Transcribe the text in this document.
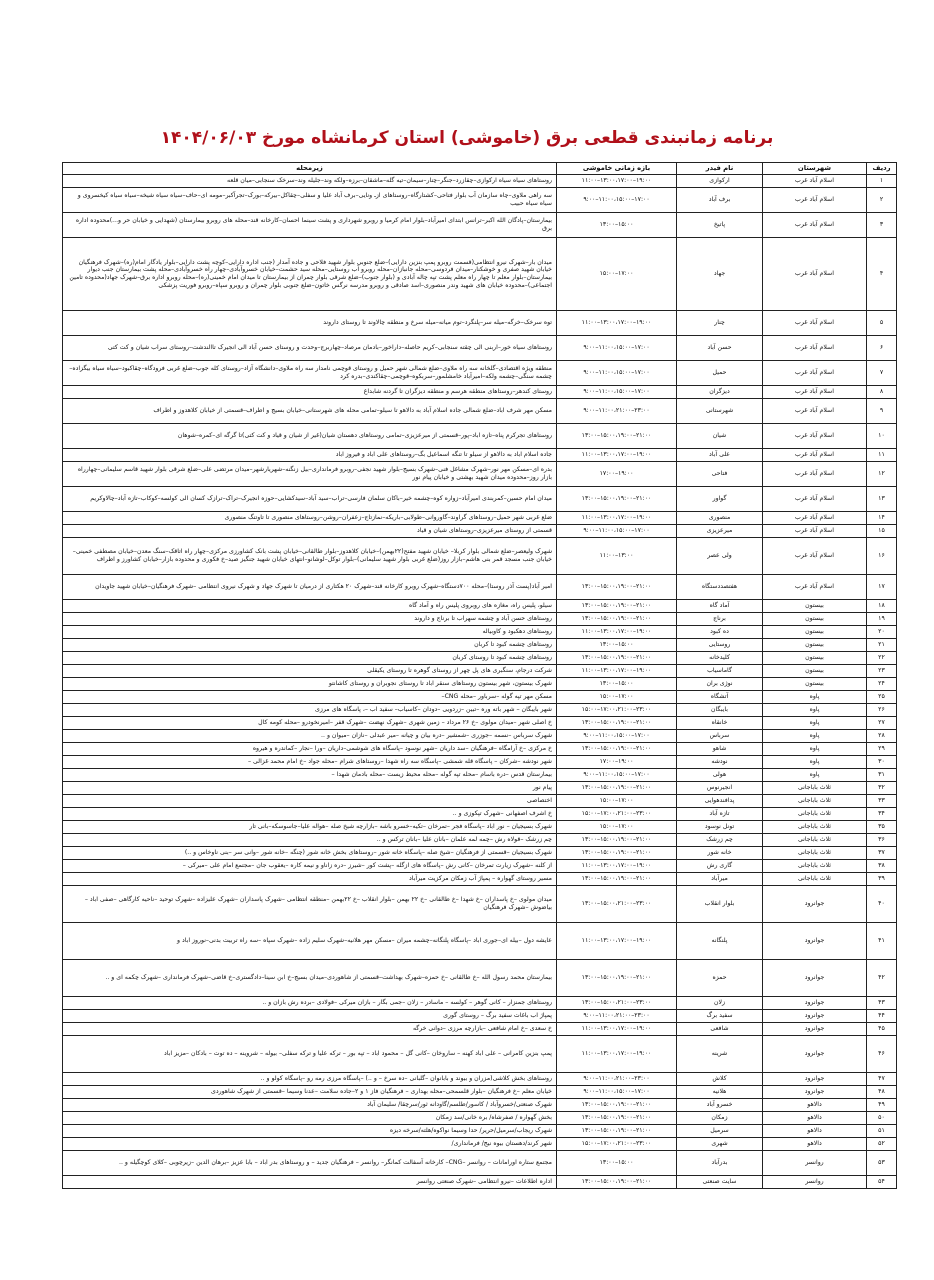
برنامه زمانبندی قطعی برق (خاموشی) استان کرمانشاه مورخ ۱۴۰۴/۰۶/۰۳
ردیف	شهرستان	نام فیدر	بازه زمانی خاموشی	زیرمحله
۱	اسلام آباد غرب	ارکوازی	۱۱:۰۰–۱۳:۰۰،۱۷:۰۰–۱۹:۰۰	روستاهای سیاه سیاه ارکوازی–چقازرد–جنگر–چنار–سیمان–تیه گله–ماشقان–برزه–ولکه وند–جلیله وند–سرخک سنجابی–میان قلعه
۲	اسلام آباد غرب	برف آباد	۹:۰۰–۱۱:۰۰،۱۵:۰۰–۱۷:۰۰	سه راهی ملاوی–چاه سازمان آب بلوار فتاحی–کشتارگاه–روستاهای ازـ ونایی–برف آباد علیا و سفلی–چقاکل–بیرکه–بورک–تجرآکبر–مومه ای–حاف–سیاه سیاه شیخه–سیاه سیاه کیخسروی و سیاه سیاه حبیب
۳	اسلام آباد غرب	پاتیخ	۱۳:۰۰–۱۵:۰۰	بیمارستان–پادگان الله اکبر–ترانس ابتدای امیرآباد–بلوار امام کرمیا و روبرو شهرداری و پشت سینما احسان–کارخانه قند–محله های روبرو بیمارستان (شهدایی و خیابان حر و...)محدوده اداره برق
۴	اسلام آباد غرب	جهاد	۱۵:۰۰–۱۷:۰۰	میدان بار–شهرک نیرو انتظامی(قسمت روبرو پمپ بنزین دارایی)–ضلع جنوبی بلوار شهید فلاحی و جاده آمدار (جنب اداره دارایی–کوچه پشت دارایی–بلوار یادگار امام(ره)–شهرک فرهنگیان خیابان شهید صفری و خوشکنار–میدان فردوسی–محله جانبازان–محله روبرو آب روستایی–محله سید حشمت–خیابان خسروآبادی–چهار راه خسروآبادی–محله پشت بیمارستان جنب دیوار بیمارستان–بلوار معلم تا چهار راه معلم پشت تپه چاله آبادی و (بلوار جنوب)–ضلع شرقی بلوار چمران از بیمارستان تا میدان امام خمینی(ره)–محله روبرو اداره برق–شهرک جهاد(محدوده تامین اجتماعی)–محدوده خیابان های شهید وندر منصوری–اسد صادقی و روبرو مدرسه نرگس خاتون–ضلع جنوبی بلوار چمران و روبرو سپاه–روبرو فوریت پزشکی
۵	اسلام آباد غرب	چنار	۱۱:۰۰–۱۳:۰۰،۱۷:۰۰–۱۹:۰۰	توه سرخک–خرگه–میله سر–پلنگرد–توم میانه–میله سرخ و منطقه چالاوند تا روستای داروند
۶	اسلام آباد غرب	حسن آباد	۹:۰۰–۱۱:۰۰،۱۵:۰۰–۱۷:۰۰	روستاهای سیاه خور–اربنی الی چقته سنجابی–کریم حاصله–داراخور–بادمان مرصاد–چهاربرج–وحدت و روستای حسن آباد الی انجیرک تاالندشت–روستای سراب شیان و کت کتی
۷	اسلام آباد غرب	حمیل	۹:۰۰–۱۱:۰۰،۱۵:۰۰–۱۷:۰۰	منطقه ویژه اقتصادی–گلخانه سه راه ملاوی–ضلع شمالی شهر حمیل و روستای قوچمی نامدار سه راه ملاوی–دانشگاه آزاد–روستای کله جوب–ضلع غربی فرودگاه–چقاکبود–سیاه سیاه بیگزاده–چشمه سنگی–چشمه ولکه–امیرآباد خامشلمور–سربکوه–قوچمی–چقاکندی–بدره کرد
۸	اسلام آباد غرب	دیزگران	۹:۰۰–۱۱:۰۰،۱۵:۰۰–۱۷:۰۰	روستای کندهر–روستاهای منطقه هرسم و منطقه دیزگران تا گردنه شابداغ
۹	اسلام آباد غرب	شهرستانی	۹:۰۰–۱۱:۰۰،۲۱:۰۰–۲۳:۰۰	مسکن مهر شرف اباد–ضلع شمالی جاده اسلام آباد به دالاهو تا سیلو–تمامی محله های شهرستانی–خیابان بسیج و اطراف–قسمتی از خیابان کلاهدوز و اطراف
۱۰	اسلام آباد غرب	شیان	۱۳:۰۰–۱۵:۰۰،۱۹:۰۰–۲۱:۰۰	روستاهای تجرکرم پناه–تازه اباد–پور–قسمتی از میرعزیزی–تمامی روستاهای دهستان شیان(غیر از شیان و قیاد و کت کتی)تا گرگه ای–کمره–شوهان
۱۱	اسلام آباد غرب	علی آباد	۱۱:۰۰–۱۳:۰۰،۱۷:۰۰–۱۹:۰۰	جاده اسلام اباد به دالاهو از سیلو تا تنگه اسماعیل بگ–روستاهای علی اباد و فیروز اباد
۱۲	اسلام آباد غرب	فتاحی	۱۷:۰۰–۱۹:۰۰	بدره ای–مسکن مهر نور–شهرک مشاغل فنی–شهرک بسیج–بلوار شهید نجفی–روبرو فرمانداری–بیل زنگنه–شهریارشهر–میدان مرتضی علی–ضلع شرقی بلوار شهید قاسم سلیمانی–چهارراه بازار روز–محدوده میدان شهید بهشتی و خیابان پیام نور
۱۳	اسلام آباد غرب	گواور	۱۳:۰۰–۱۵:۰۰،۱۹:۰۰–۲۱:۰۰	میدان امام حسین–کمربندی امیرآباد–زواره کوه–چشمه خیر–باکان سلمان فارسی–تراب–سید آباد–سیدکشایی–حوزه انجیرک–تراک–ترازک کسان الی کولسه–کوکاب–تازه آباد–چالاوکریم
۱۴	اسلام آباد غرب	منصوری	۱۱:۰۰–۱۳:۰۰،۱۷:۰۰–۱۹:۰۰	ضلع غربی شهر حمیل–روستاهای گراوند–گاوروانی–طولابی–باریکه–نمازتاج–زعفران–روشن–روستاهای منصوری تا تاوتنگ منصوری
۱۵	اسلام آباد غرب	میرعزیزی	۹:۰۰–۱۱:۰۰،۱۵:۰۰–۱۷:۰۰	قسمتی از روستای میرعزیزی–روستاهای شیان و قیاد
۱۶	اسلام آباد غرب	ولی عصر	۱۱:۰۰–۱۳:۰۰	شهرک ولیعصر–ضلع شمالی بلوار کربلا– خیابان شهید مفتح(۲۲بهمن)–خیابان کلاهدوز–بلوار طالقانی–خیابان پشت بانک کشاورزی مرکزی–چهار راه اتاقک–سنگ معدن–خیابان مصطفی خمینی–خیابان جنب مسجد قمر بنی هاشم–بازار روز(ضلع غربی بلوار شهید سلیمانی)–بلوار توکل–لوشانو–انتهای خیابان شهید جنگیز صید–خ فکوری و محدوده بازار–خیابان کشاورز و اطراف
۱۷	اسلام آباد غرب	هفتصددستگاه	۱۳:۰۰–۱۵:۰۰،۱۹:۰۰–۲۱:۰۰	امیر آباد(پست آذر روستا)–محله ۷۰۰دستگاه–شهرک روبرو کارخانه قند–شهرک ۲۰ هکتاری از درمیان تا شهرک جهاد و شهرک نیروی انتظامی –شهرک فرهنگیان–خیابان شهید جاویدان
۱۸	بیستون	آماد گاه	۱۳:۰۰–۱۵:۰۰،۱۹:۰۰–۲۱:۰۰	سیلو، پلیس راه، مغازه های روبروی پلیس راه و آماد گاه
۱۹	بیستون	برناج	۱۳:۰۰–۱۵:۰۰،۱۹:۰۰–۲۱:۰۰	روستاهای حسن آباد و چشمه سهراب تا برناج و داروند
۲۰	بیستون	ده کبود	۱۱:۰۰–۱۳:۰۰،۱۷:۰۰–۱۹:۰۰	روستاهای دهکبود و کاوبیاله
۲۱	بیستون	روستایی	۱۳:۰۰–۱۵:۰۰	روستاهای چشمه کبود تا کربان
۲۲	بیستون	کلیدخانه	۱۳:۰۰–۱۵:۰۰،۱۹:۰۰–۲۱:۰۰	روستاهای چشمه کبود تا روستای کربان
۲۳	بیستون	گاماسیاب	۱۱:۰۰–۱۳:۰۰،۱۷:۰۰–۱۹:۰۰	شرکت درجام، سنگبری های پل چهر از روستای گوهره تا روستای یکیقلی
۲۴	بیستون	نوژی بران	۱۳:۰۰–۱۵:۰۰	شهرک بیستون، شهر بیستون روستاهای سنقر اباد تا روستای نجوبران و روستای کاشانتو
۲۵	پاوه	آتشگاه	۱۵:۰۰–۱۷:۰۰	مسکن مهر تپه گوله –سرباور –محله CNG–
۲۶	پاوه	بایبگان	۱۵:۰۰–۱۷:۰۰،۲۱:۰۰–۲۳:۰۰	شهر بایبگان – شهر باته وره –تبین –زردویی –دودان –کاسیاب– سفید اب –، پاسگاه های مرزی
۲۷	پاوه	خانقاه	۱۳:۰۰–۱۵:۰۰،۱۹:۰۰–۲۱:۰۰	خ اصلی شهر –میدان مولوی –خ ۲۶ مرداد – زمین شهری –شهرک نهضت –شهرک قفر –امیرنخودرو –محله کومه کال
۲۸	پاوه	سرباس	۹:۰۰–۱۱:۰۰،۱۵:۰۰–۱۷:۰۰	شهرک سرباس –نسمه –جوزری –شمشیر –دره بیان و چیانه –میر عبدلی –نازان –میوان و ..
۲۹	پاوه	شاهو	۱۳:۰۰–۱۵:۰۰،۱۹:۰۰–۲۱:۰۰	خ مرکزی –خ آرامگاه –فرهنگیان –سد داریان –شهر نوسود –پاسگاه های شوشمی–داریان –ورا –نجار –کماندره و هیروه
۳۰	پاوه	نودشه	۱۷:۰۰–۱۹:۰۰	شهر نودشه –شرکان – پاسگاه قله شمشی –پاسگاه سه راه شهدا –روستاهای شرام –محله جواد –خ امام محمد غزالی –
۳۱	پاوه	هولی	۹:۰۰–۱۱:۰۰،۱۵:۰۰–۱۷:۰۰	بیمارستان قدس –دره باسام –محله تپه گوله –محله محیط زیست –محله بادمان شهدا –
۳۲	ثلاث باباجانی	انجیرنوس	۱۳:۰۰–۱۵:۰۰،۱۹:۰۰–۲۱:۰۰	پیام نور
۳۳	ثلاث باباجانی	پدافندهوایی	۱۵:۰۰–۱۷:۰۰	اختصاصی
۳۴	ثلاث باباجانی	تازه آباد	۱۵:۰۰–۱۷:۰۰،۲۱:۰۰–۲۳:۰۰	خ اشرف اصفهانی –شهرک تپکوزی و ..
۳۵	ثلاث باباجانی	تونل نوسود	۱۵:۰۰–۱۷:۰۰	شهرک بسیجیان – نور اباد –پاسگاه فجر –تمرخان –تکیه–خسرو باشه –بازارچه شیخ صله –هواله علیا–جاسوسکه–بانی تار
۳۶	ثلاث باباجانی	چم زرشک	۱۳:۰۰–۱۵:۰۰،۱۹:۰۰–۲۱:۰۰	چم زرشک –قولاه رش –چمه لمه علمان –بانان علیا –بانان ترکس و ..
۳۷	ثلاث باباجانی	خانه شور	۱۳:۰۰–۱۵:۰۰،۱۹:۰۰–۲۱:۰۰	شهرک بسیجیان –قسمتی از فرهنگیان –شیخ صله –پاسگاه خانه شور –روستاهای بخش خانه شور (چنگه –خانه شور –وانی سر –بنی ناوخاس و ..)
۳۸	ثلاث باباجانی	گاری رش	۱۱:۰۰–۱۳:۰۰،۱۷:۰۰–۱۹:۰۰	از کلنه –شهرک زیارت تمرخان –کانی رش –پاسگاه های ازگله –پشت کور –شیرز –دره زاناو و نیمه کاره –یعقوب جان –مجتمع امام علی –میرکی –
۳۹	ثلاث باباجانی	میرآباد	۱۳:۰۰–۱۵:۰۰،۱۹:۰۰–۲۱:۰۰	مسیر روستای گهواره – پمپاژ آب زمکان مرکزیت میرآباد
۴۰	جوانرود	بلوار انقلاب	۱۳:۰۰–۱۵:۰۰،۲۱:۰۰–۲۳:۰۰	میدان مولوی –خ پاسداران –خ شهدا –خ طالقانی –خ ۲۲ بهمن –بلوار انقلاب –خ ۲۲بهمن –منطقه انتظامی –شهرک پاسداران –شهرک علیزاده –شهرک توحید –ناحیه کارگاهی –صفی اباد –بیاضوش –شهرک فرهنگیان
۴۱	جوانرود	پلنگانه	۱۱:۰۰–۱۳:۰۰،۱۷:۰۰–۱۹:۰۰	عایشه دول –بیله ای–جوری اباد –پاسگاه پلنگانه–چشمه میران –مسکن مهر هلانیه–شهرک سلیم زاده –شهرک سپاه –سه راه تربیت بدنی–نوروز اباد و
۴۲	جوانرود	حمزه	۱۳:۰۰–۱۵:۰۰،۱۹:۰۰–۲۱:۰۰	بیمارستان محمد رسول الله –خ طالقانی –خ حمزه–شهرک بهداشت–قسمتی از شاهوردی–میدان بسیج–خ ابن سینا–دادگستری–خ قاضی–شهرک فرمانداری –شهرک چکمه ای و ..
۴۳	جوانرود	زلان	۱۳:۰۰–۱۵:۰۰،۲۱:۰۰–۲۳:۰۰	روستاهای جمنزار – کانی گوهر – کولسه – ماسادر – زلان –جمی بگار – بازان میرکی –فولادی –برده رش بازان و ..
۴۴	جوانرود	سفید برگ	۹:۰۰–۱۱:۰۰،۲۱:۰۰–۲۳:۰۰	پمپاژ اب باغات سفید برگ – روستای گوری
۴۵	جوانرود	شافعی	۱۱:۰۰–۱۳:۰۰،۱۷:۰۰–۱۹:۰۰	خ سعدی –خ امام شافعی –بازارچه مرزی –دوانی خرگه
۴۶	جوانرود	شرینه	۱۱:۰۰–۱۳:۰۰،۱۷:۰۰–۱۹:۰۰	پمپ بنزین کامرانی – علی اباد کهنه – ساروخان –کانی گل – محمود اباد – تپه بور – ترکه علیا و ترکه سفلی– بیوله – شروینه – ده توت – بادکان –مزیز اباد
۴۷	جوانرود	کلاش	۹:۰۰–۱۱:۰۰،۲۱:۰۰–۲۳:۰۰	روستاهای بخش کلاشی(مزران و بیوند و بابانوان –گلبانی –ده سرخ – و ..) –پاسگاه مرزی رمه رو –پاسگاه کولو و ..
۴۸	جوانرود	هلانیه	۹:۰۰–۱۱:۰۰،۱۵:۰۰–۱۷:۰۰	خیابان معلم –خ فرهنگیان –بلوار قلسمحی–محله بهداری – فرهنگیان فاز ۱ و ۲–جاده سلامت –عدنا وسیما –قسمتی از شهرک شاهوردی
۴۹	دالاهو	خسرو آباد	۱۳:۰۰–۱۵:۰۰،۱۹:۰۰–۲۱:۰۰	شهرک صنعتی/خسروآباد / کاسور/طلسم/گاودانه ثور/سرچقا/ سلیمان آباد
۵۰	دالاهو	زمکان	۱۳:۰۰–۱۵:۰۰،۱۹:۰۰–۲۱:۰۰	بخش گهواره / صفرشاه/ بره خانی/سد زمکان
۵۱	دالاهو	سرمیل	۱۳:۰۰–۱۵:۰۰،۱۹:۰۰–۲۱:۰۰	شهرک ریجاب/سرمیل/حریر/ حدا وسیما نواکوه/هلته/سرخه دیزه
۵۲	دالاهو	شهری	۱۵:۰۰–۱۷:۰۰،۲۱:۰۰–۲۳:۰۰	شهر کرند/دهستان بیوه نیج/ فرمانداری/
۵۳	روانسر	بدرآباد	۱۳:۰۰–۱۵:۰۰	مجتمع ستاره اورامانات – روانسر –CNG– کارخانه آسفالت کمانگر– روانسر – فرهنگیان جدید – و روستاهای بدر اباد – بابا عزیز –برهان الدین –زیرچوبی –کلای کوچگیله و ..
۵۴	روانسر	سایت صنعتی	۱۳:۰۰–۱۵:۰۰،۱۹:۰۰–۲۱:۰۰	اداره اطلاعات –نیرو انتظامی –شهرک صنعتی روانسر
